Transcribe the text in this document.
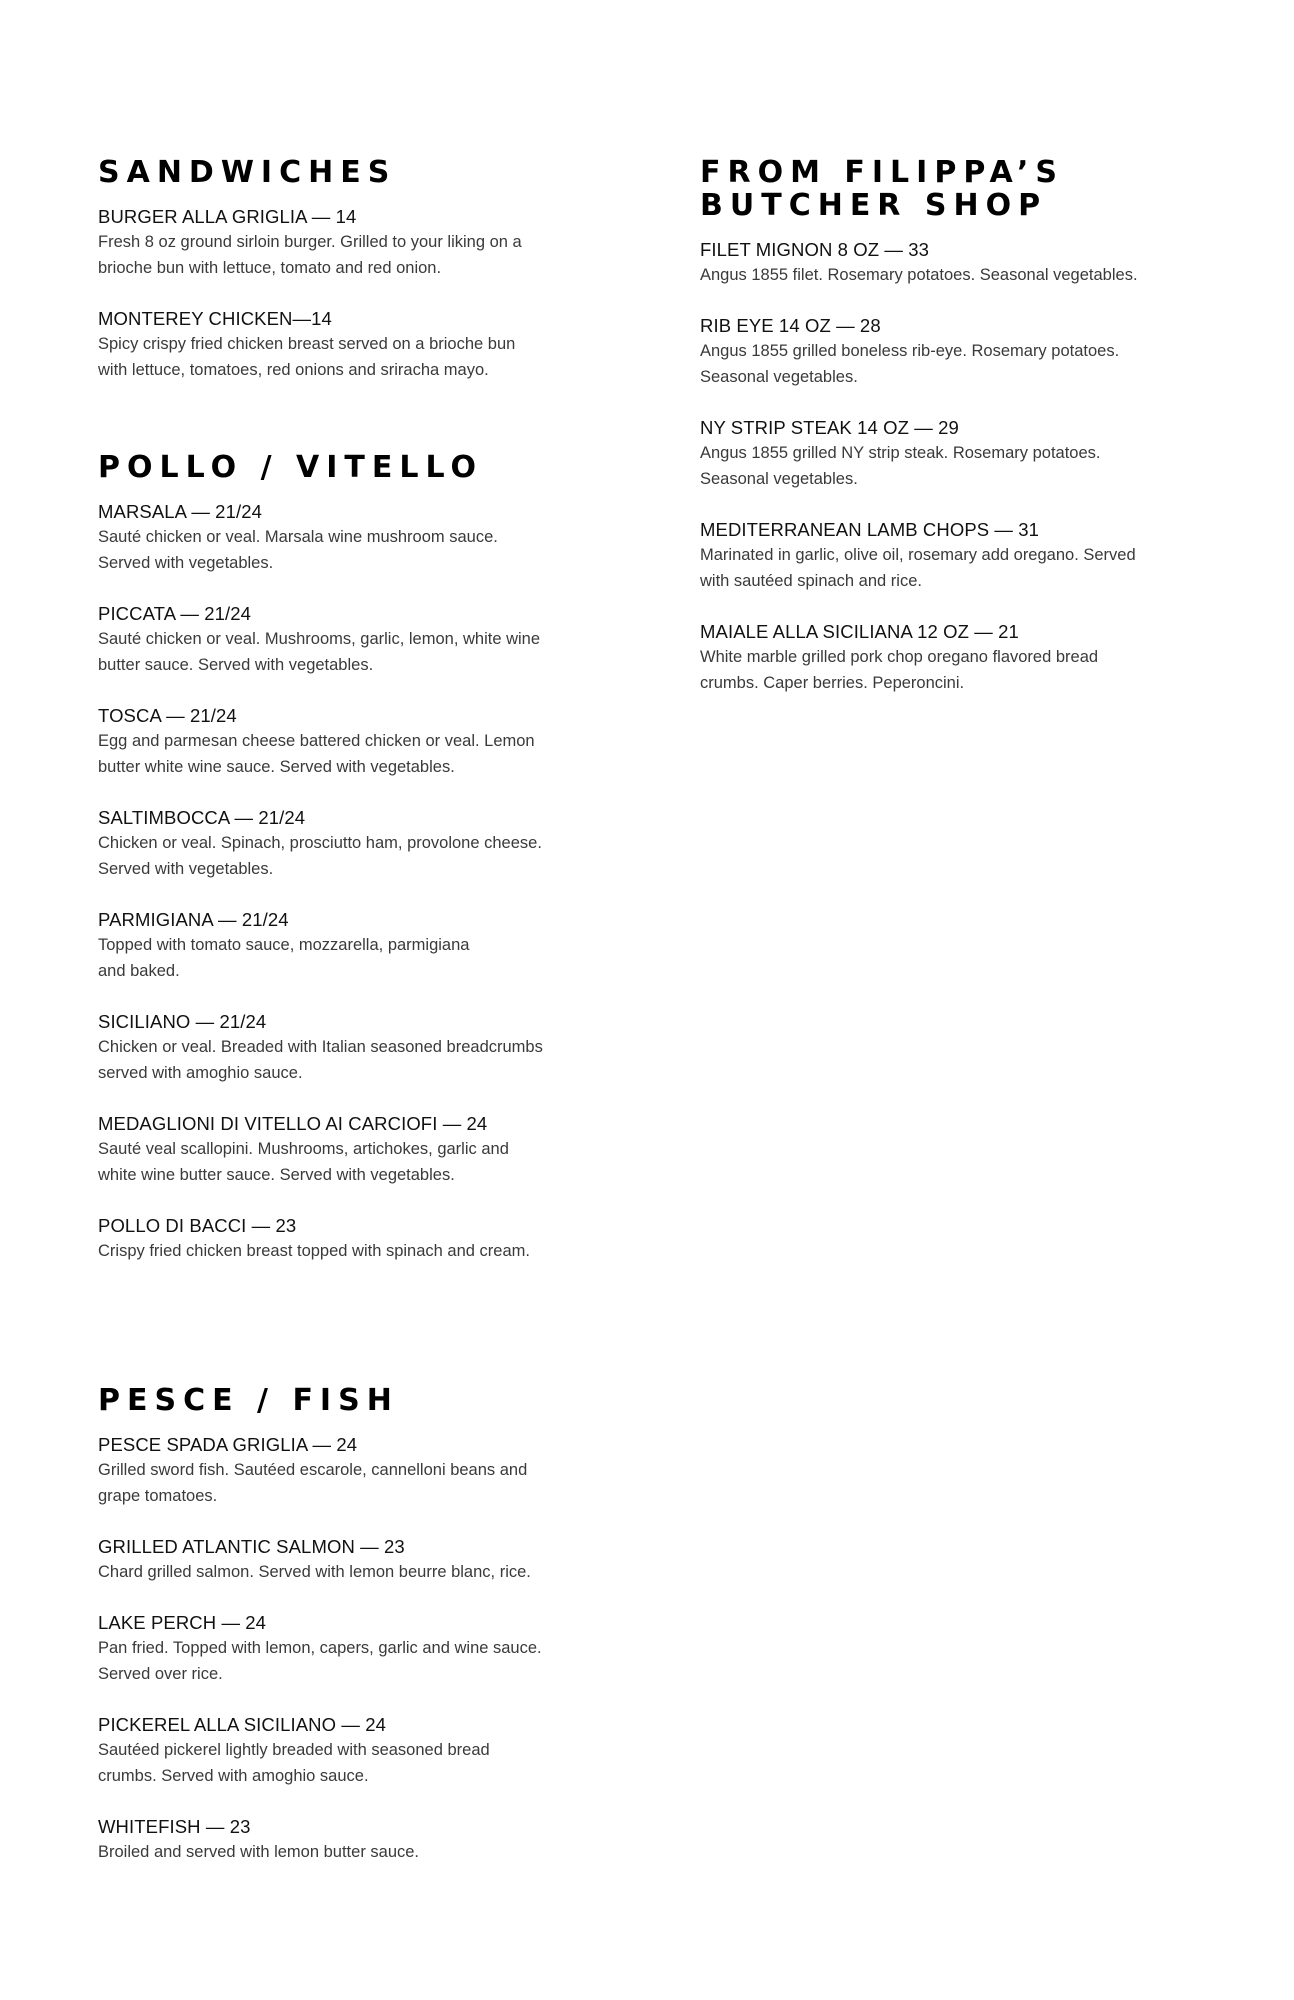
SANDWICHES
BURGER ALLA GRIGLIA — 14
Fresh 8 oz ground sirloin burger. Grilled to your liking on a
brioche bun with lettuce, tomato and red onion.
MONTEREY CHICKEN—14
Spicy crispy fried chicken breast served on a brioche bun
with lettuce, tomatoes, red onions and sriracha mayo.
POLLO / VITELLO
MARSALA — 21/24
Sauté chicken or veal. Marsala wine mushroom sauce.
Served with vegetables.
PICCATA — 21/24
Sauté chicken or veal. Mushrooms, garlic, lemon, white wine
butter sauce. Served with vegetables.
TOSCA — 21/24
Egg and parmesan cheese battered chicken or veal. Lemon
butter white wine sauce. Served with vegetables.
SALTIMBOCCA — 21/24
Chicken or veal. Spinach, prosciutto ham, provolone cheese.
Served with vegetables.
PARMIGIANA — 21/24
Topped with tomato sauce, mozzarella, parmigiana
and baked.
SICILIANO — 21/24
Chicken or veal. Breaded with Italian seasoned breadcrumbs
served with amoghio sauce.
MEDAGLIONI DI VITELLO AI CARCIOFI — 24
Sauté veal scallopini. Mushrooms, artichokes, garlic and
white wine butter sauce. Served with vegetables.
POLLO DI BACCI — 23
Crispy fried chicken breast topped with spinach and cream.
PESCE / FISH
PESCE SPADA GRIGLIA — 24
Grilled sword fish. Sautéed escarole, cannelloni beans and
grape tomatoes.
GRILLED ATLANTIC SALMON — 23
Chard grilled salmon. Served with lemon beurre blanc, rice.
LAKE PERCH — 24
Pan fried. Topped with lemon, capers, garlic and wine sauce.
Served over rice.
PICKEREL ALLA SICILIANO — 24
Sautéed pickerel lightly breaded with seasoned bread
crumbs. Served with amoghio sauce.
WHITEFISH — 23
Broiled and served with lemon butter sauce.
FROM FILIPPA’S
BUTCHER SHOP
FILET MIGNON 8 OZ — 33
Angus 1855 filet. Rosemary potatoes. Seasonal vegetables.
RIB EYE 14 OZ — 28
Angus 1855 grilled boneless rib-eye. Rosemary potatoes.
Seasonal vegetables.
NY STRIP STEAK 14 OZ — 29
Angus 1855 grilled NY strip steak. Rosemary potatoes.
Seasonal vegetables.
MEDITERRANEAN LAMB CHOPS — 31
Marinated in garlic, olive oil, rosemary add oregano. Served
with sautéed spinach and rice.
MAIALE ALLA SICILIANA 12 OZ — 21
White marble grilled pork chop oregano flavored bread
crumbs. Caper berries. Peperoncini.
